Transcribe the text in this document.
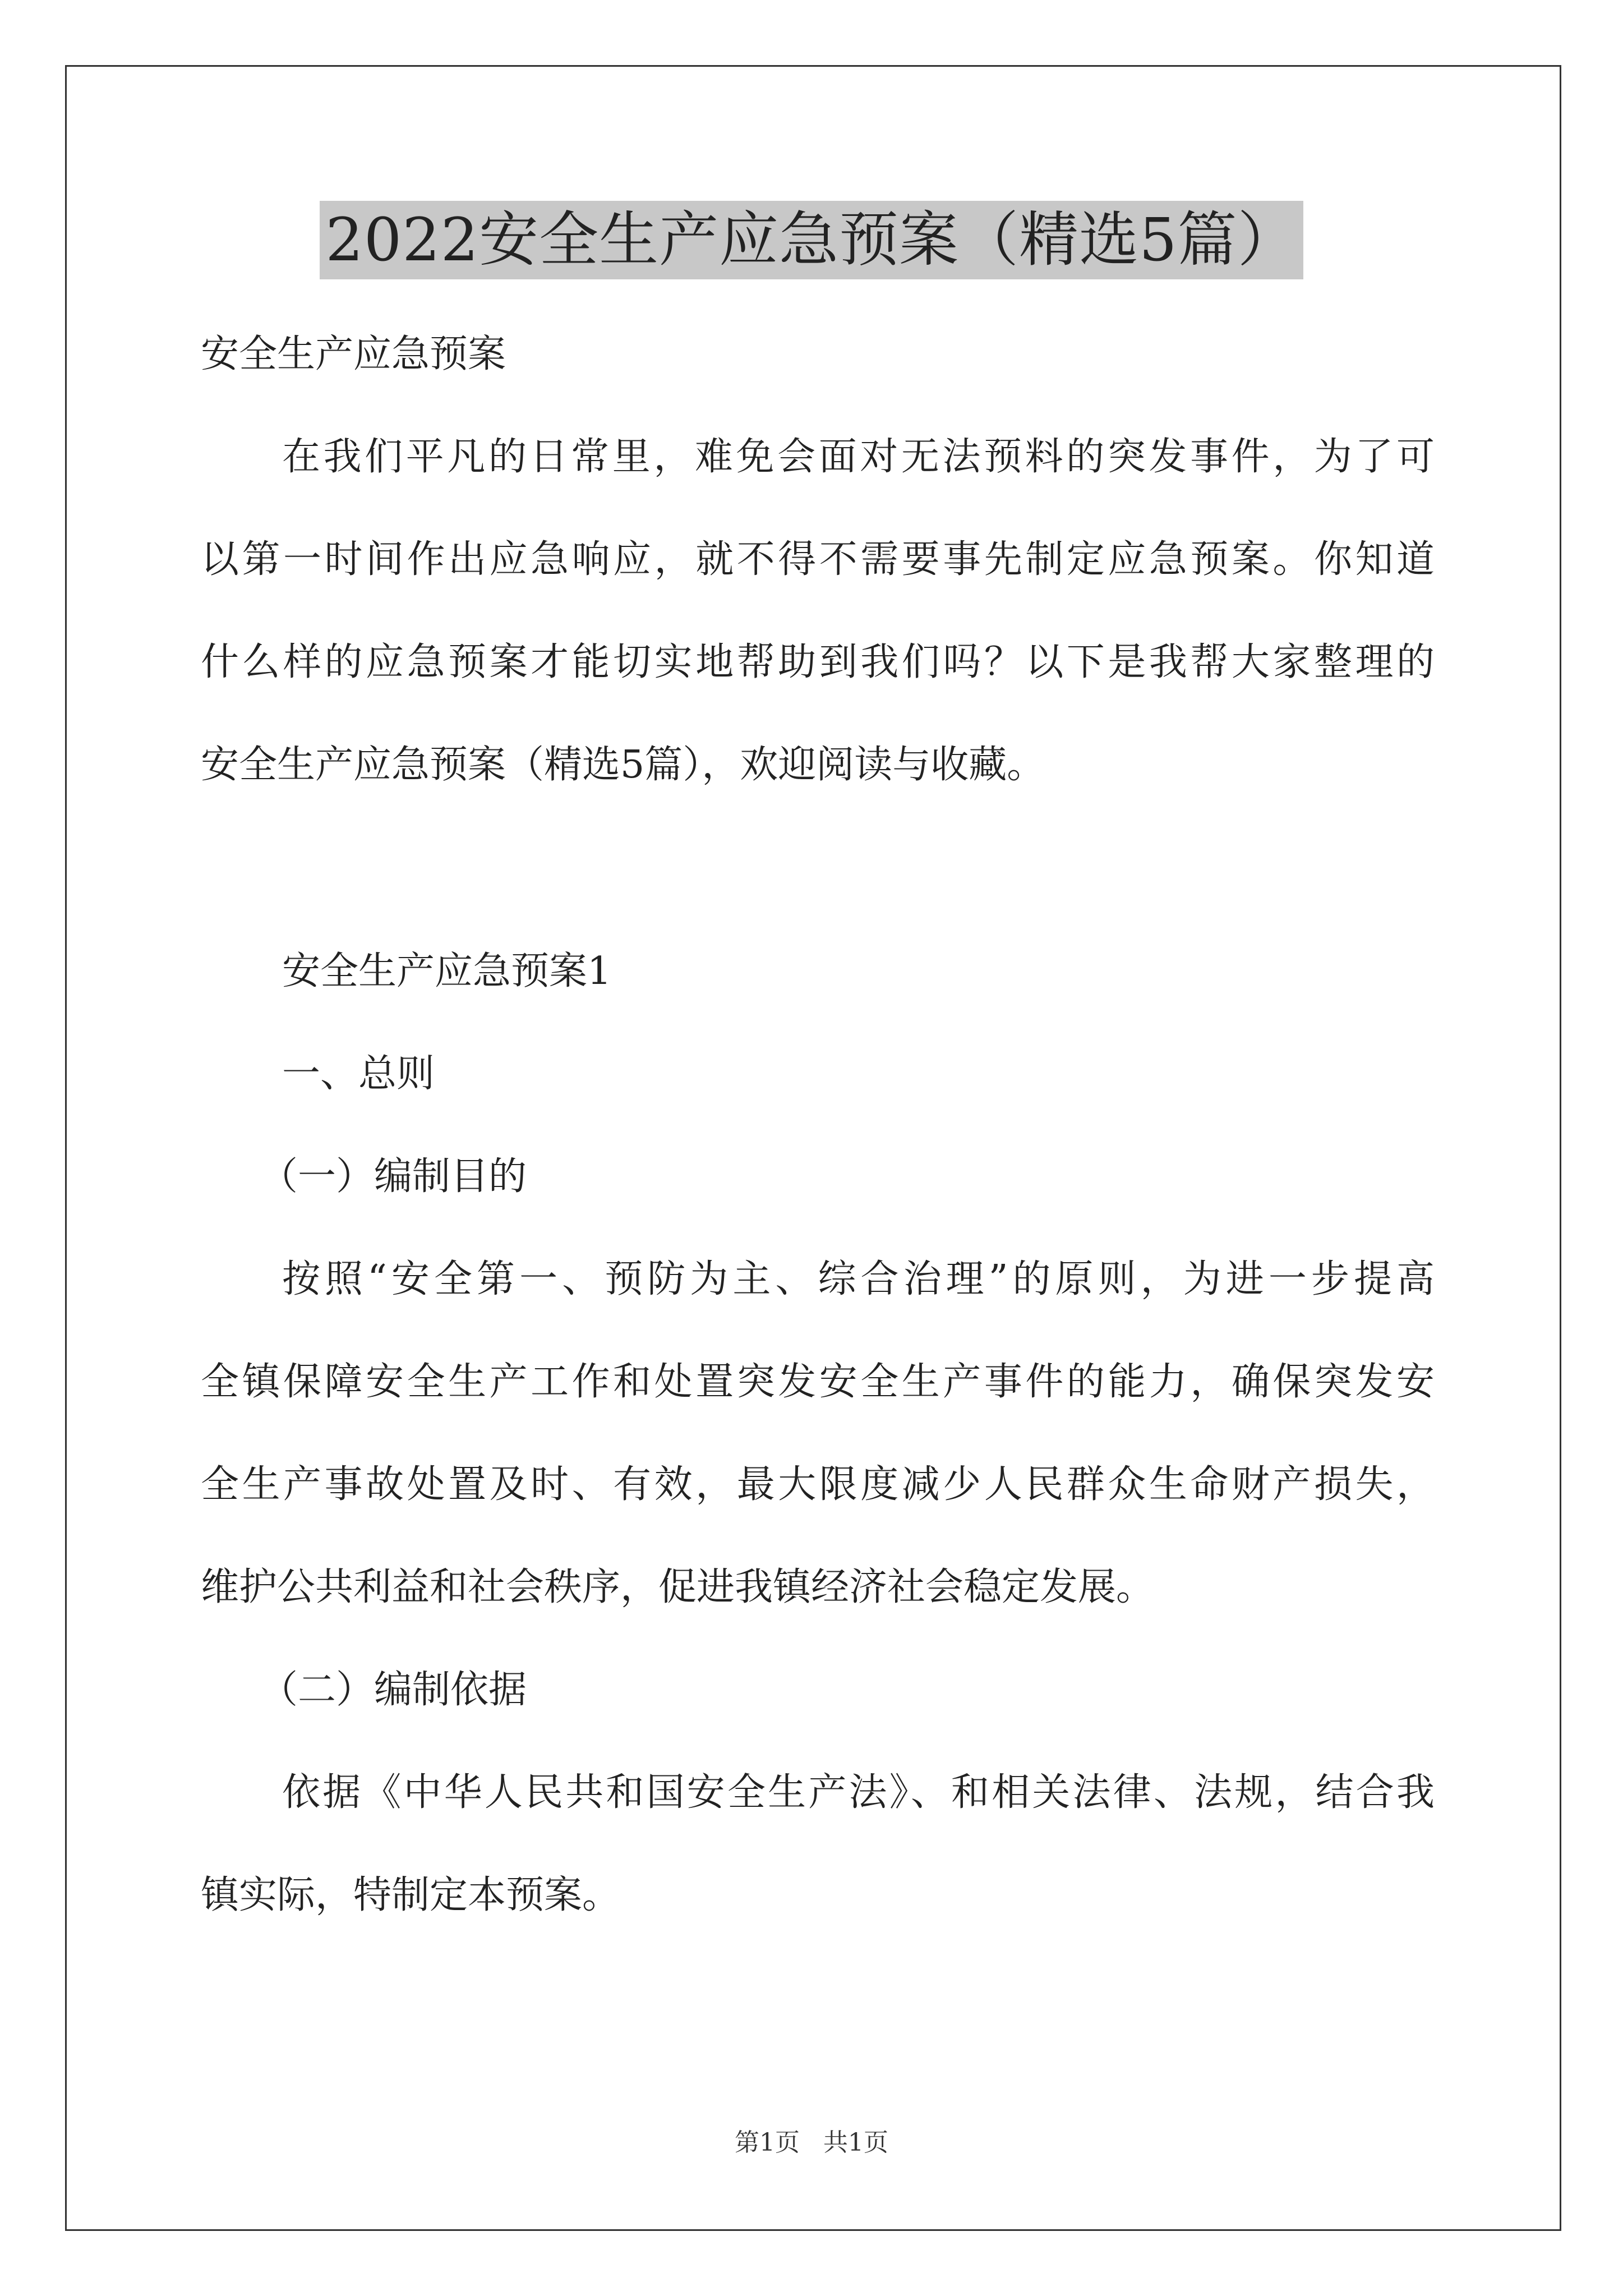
2022安全生产应急预案（精选5篇）
安全生产应急预案
在我们平凡的日常里，难免会面对无法预料的突发事件，为了可
以第一时间作出应急响应，就不得不需要事先制定应急预案。你知道
什么样的应急预案才能切实地帮助到我们吗？以下是我帮大家整理的
安全生产应急预案（精选5篇），欢迎阅读与收藏。
安全生产应急预案1
一、总则
（一）编制目的
按照“安全第一、预防为主、综合治理”的原则，为进一步提高
全镇保障安全生产工作和处置突发安全生产事件的能力，确保突发安
全生产事故处置及时、有效，最大限度减少人民群众生命财产损失，
维护公共利益和社会秩序，促进我镇经济社会稳定发展。
（二）编制依据
依据《中华人民共和国安全生产法》、和相关法律、法规，结合我
镇实际，特制定本预案。
第1页   共1页
